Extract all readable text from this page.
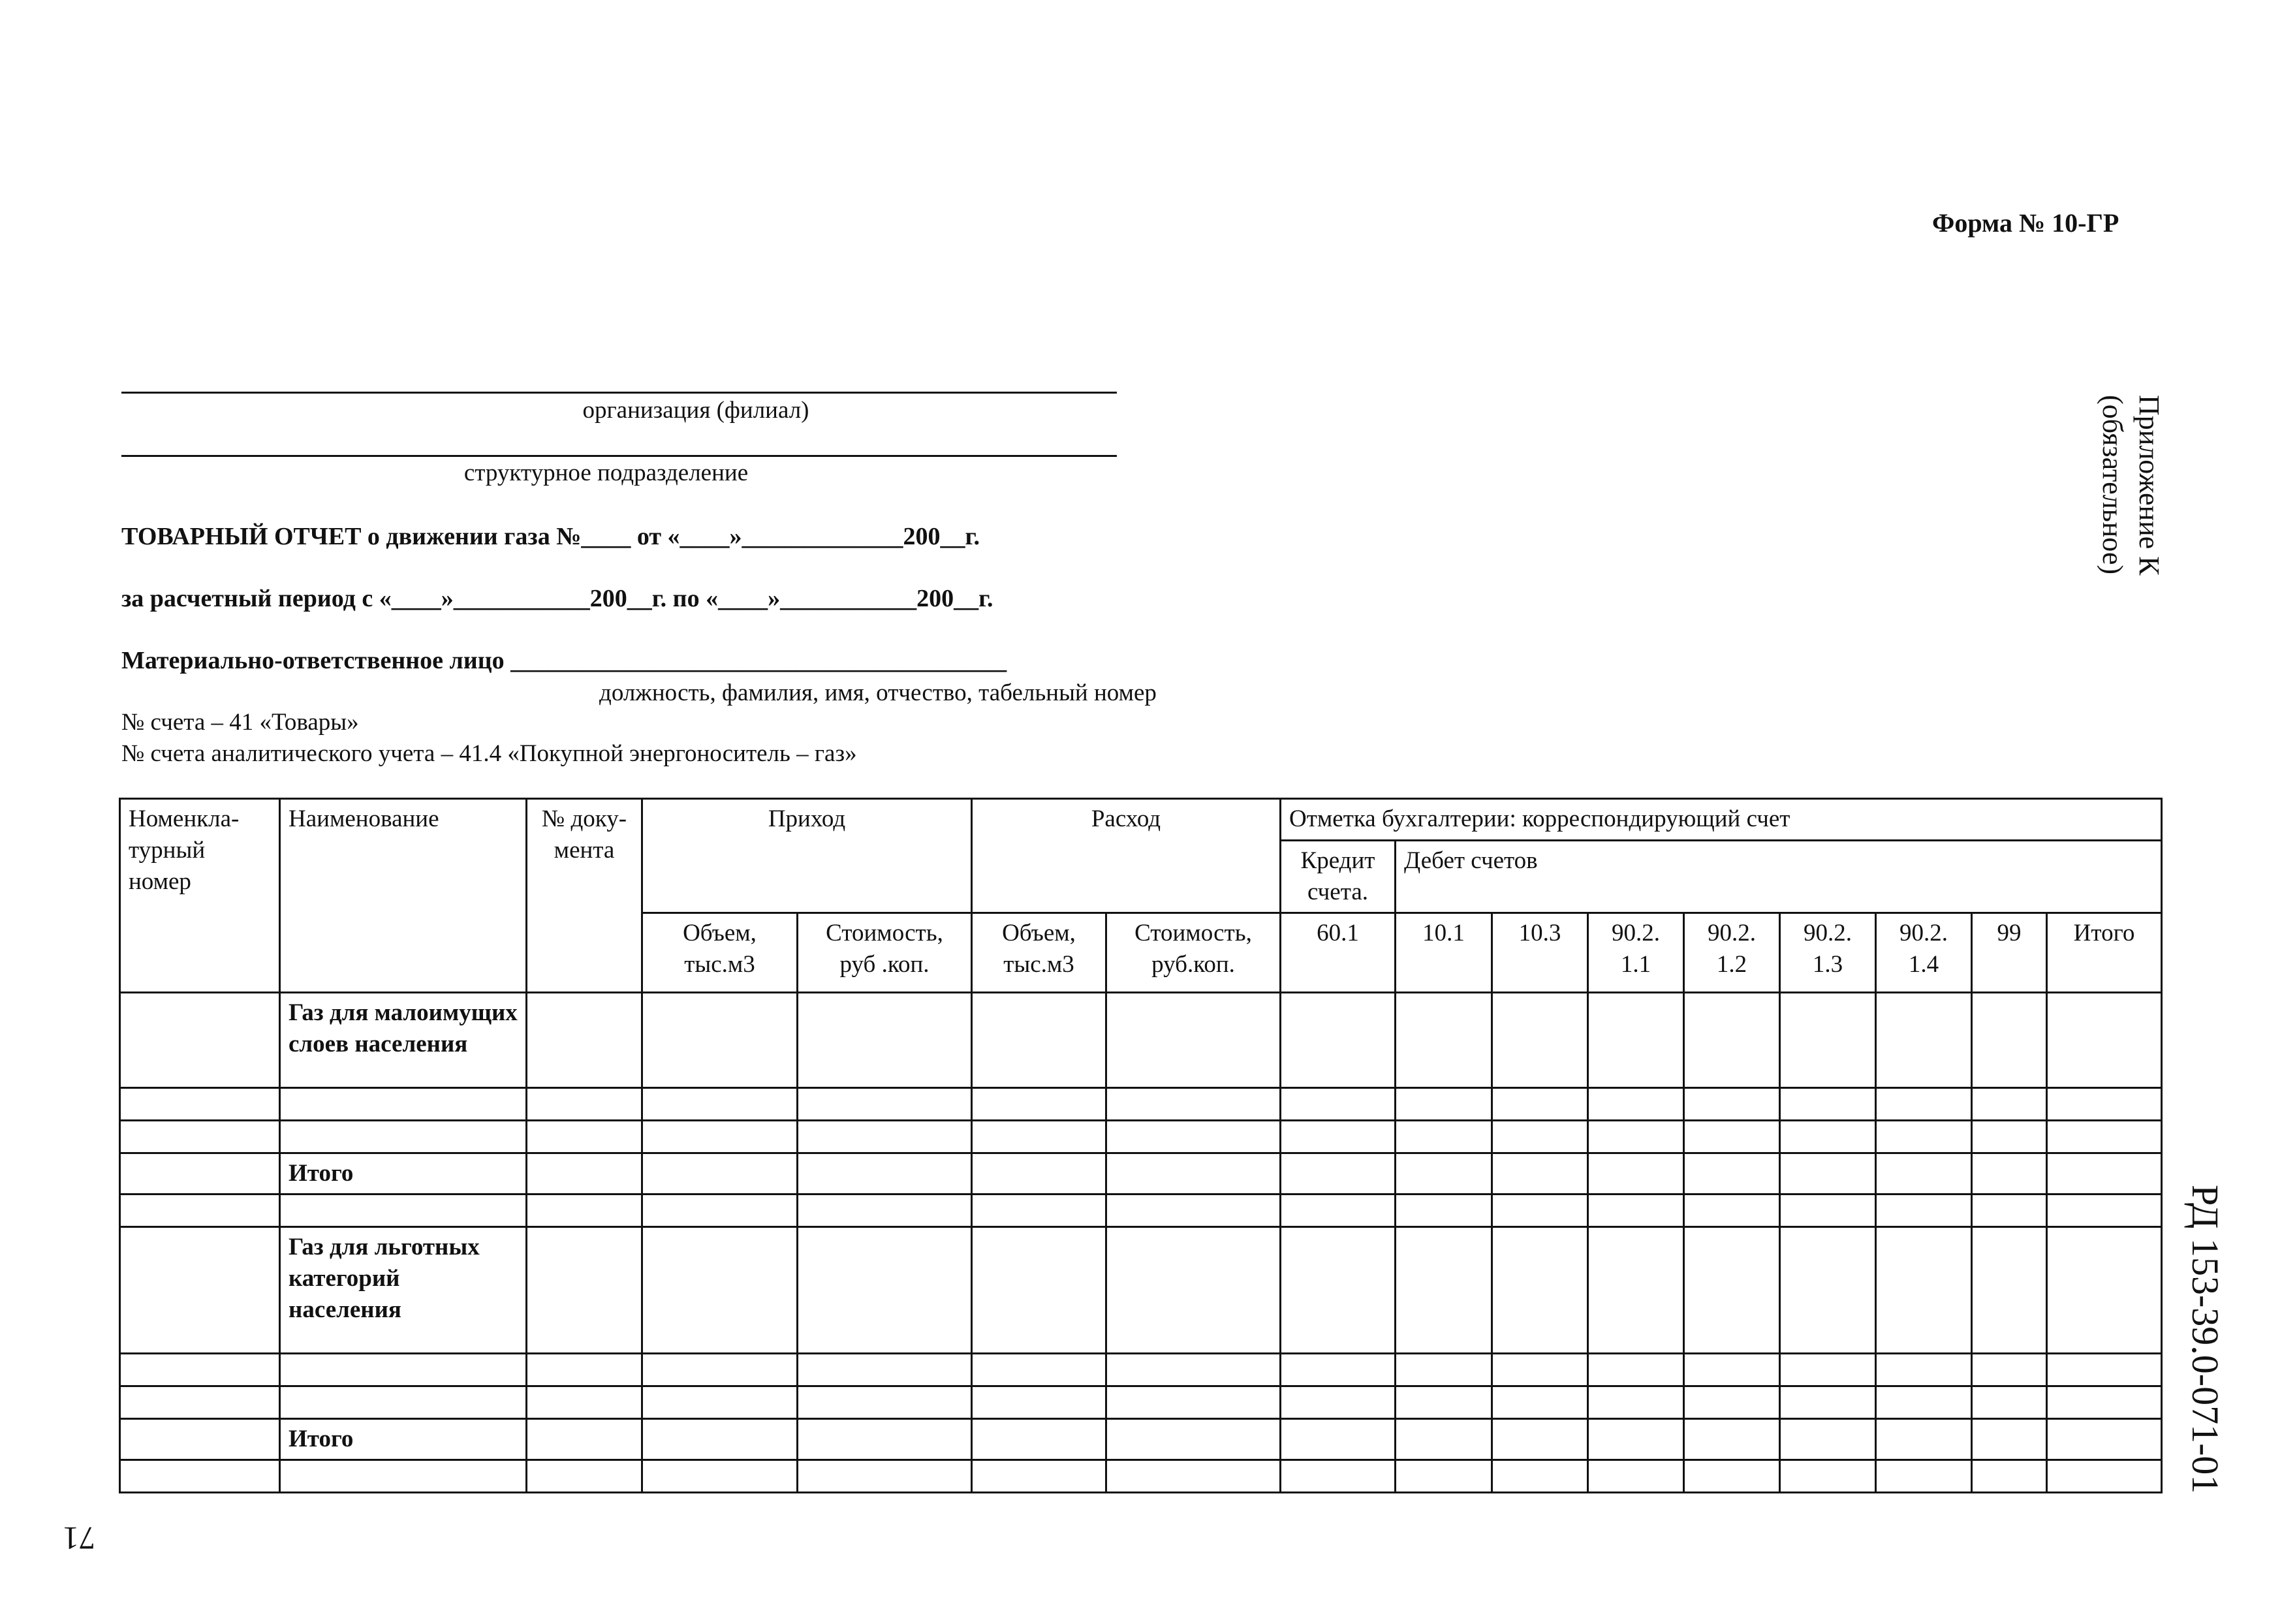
Форма № 10-ГР
Приложение К
(обязательное)
РД 153-39.0-071-01
71
организация (филиал)
структурное подразделение
ТОВАРНЫЙ ОТЧЕТ о движении газа №____ от «____»_____________200__г.
за расчетный период с «____»___________200__г. по «____»___________200__г.
Материально-ответственное лицо ________________________________________
должность, фамилия, имя, отчество, табельный номер
№ счета – 41 «Товары»
№ счета аналитического учета – 41.4 «Покупной энергоноситель – газ»
Номенкла-турный номер	Наименование	№ доку-мента	Приход		Расход		Отметка бухгалтерии: корреспондирующий счет								
							Кредит счета.	Дебет счетов							
			Объем, тыс.м3	Стоимость, руб .коп.	Объем, тыс.м3	Стоимость, руб.коп.	60.1	10.1	10.3	90.2. 1.1	90.2. 1.2	90.2. 1.3	90.2. 1.4	99	Итого
	Газ для малоимущих слоев населения														

	Итого														

	Газ для льготных категорий населения														

	Итого														
